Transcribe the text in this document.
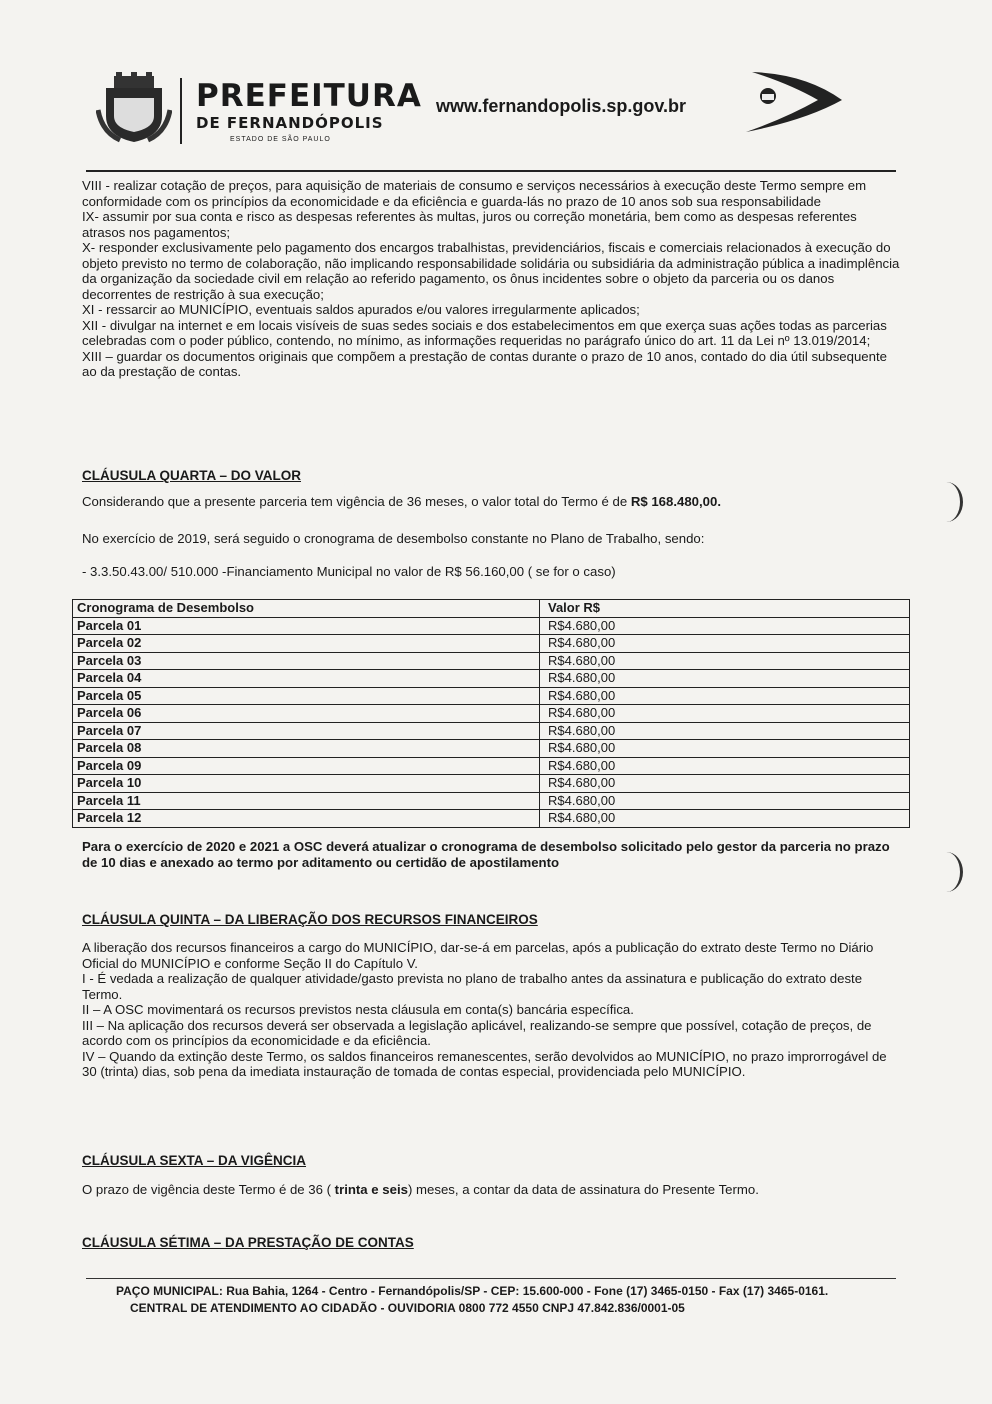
PREFEITURA
DE FERNANDÓPOLIS
ESTADO DE SÃO PAULO
www.fernandopolis.sp.gov.br

VIII - realizar cotação de preços, para aquisição de materiais de consumo e serviços necessários à execução deste Termo sempre em conformidade com os princípios da economicidade e da eficiência e guarda-lás no prazo de 10 anos sob sua responsabilidade

IX- assumir por sua conta e risco as despesas referentes às multas, juros ou correção monetária, bem como as despesas referentes atrasos nos pagamentos;

X- responder exclusivamente pelo pagamento dos encargos trabalhistas, previdenciários, fiscais e comerciais relacionados à execução do objeto previsto no termo de colaboração, não implicando responsabilidade solidária ou subsidiária da administração pública a inadimplência da organização da sociedade civil em relação ao referido pagamento, os ônus incidentes sobre o objeto da parceria ou os danos decorrentes de restrição à sua execução;

XI - ressarcir ao MUNICÍPIO, eventuais saldos apurados e/ou valores irregularmente aplicados;

XII - divulgar na internet e em locais visíveis de suas sedes sociais e dos estabelecimentos em que exerça suas ações todas as parcerias celebradas com o poder público, contendo, no mínimo, as informações requeridas no parágrafo único do art. 11 da Lei nº 13.019/2014;

XIII – guardar os documentos originais que compõem a prestação de contas durante o prazo de 10 anos, contado do dia útil subsequente ao da prestação de contas.

CLÁUSULA QUARTA – DO VALOR
Considerando que a presente parceria tem vigência de 36 meses, o valor total do Termo é de R$ 168.480,00.
No exercício de 2019, será seguido o cronograma de desembolso constante no Plano de Trabalho, sendo:
- 3.3.50.43.00/ 510.000 -Financiamento Municipal no valor de R$ 56.160,00 ( se for o caso)
Cronograma de Desembolso	Valor R$
Parcela 01	R$4.680,00
Parcela 02	R$4.680,00
Parcela 03	R$4.680,00
Parcela 04	R$4.680,00
Parcela 05	R$4.680,00
Parcela 06	R$4.680,00
Parcela 07	R$4.680,00
Parcela 08	R$4.680,00
Parcela 09	R$4.680,00
Parcela 10	R$4.680,00
Parcela 11	R$4.680,00
Parcela 12	R$4.680,00
Para o exercício de 2020 e 2021 a OSC deverá atualizar o cronograma de desembolso solicitado pelo gestor da parceria no prazo de 10 dias e anexado ao termo por aditamento ou certidão de apostilamento
CLÁUSULA QUINTA – DA LIBERAÇÃO DOS RECURSOS FINANCEIROS

A liberação dos recursos financeiros a cargo do MUNICÍPIO, dar-se-á em parcelas, após a publicação do extrato deste Termo no Diário Oficial do MUNICÍPIO e conforme Seção II do Capítulo V.

I - É vedada a realização de qualquer atividade/gasto prevista no plano de trabalho antes da assinatura e publicação do extrato deste Termo.

II – A OSC movimentará os recursos previstos nesta cláusula em conta(s) bancária específica.

III – Na aplicação dos recursos deverá ser observada a legislação aplicável, realizando-se sempre que possível, cotação de preços, de acordo com os princípios da economicidade e da eficiência.

IV – Quando da extinção deste Termo, os saldos financeiros remanescentes, serão devolvidos ao MUNICÍPIO, no prazo improrrogável de 30 (trinta) dias, sob pena da imediata instauração de tomada de contas especial, providenciada pelo MUNICÍPIO.

CLÁUSULA SEXTA – DA VIGÊNCIA
O prazo de vigência deste Termo é de 36 ( trinta e seis) meses, a contar da data de assinatura do Presente Termo.
CLÁUSULA SÉTIMA – DA PRESTAÇÃO DE CONTAS
PAÇO MUNICIPAL: Rua Bahia, 1264 - Centro - Fernandópolis/SP - CEP: 15.600-000 - Fone (17) 3465-0150 - Fax (17) 3465-0161.
CENTRAL DE ATENDIMENTO AO CIDADÃO - OUVIDORIA 0800 772 4550 CNPJ 47.842.836/0001-05
